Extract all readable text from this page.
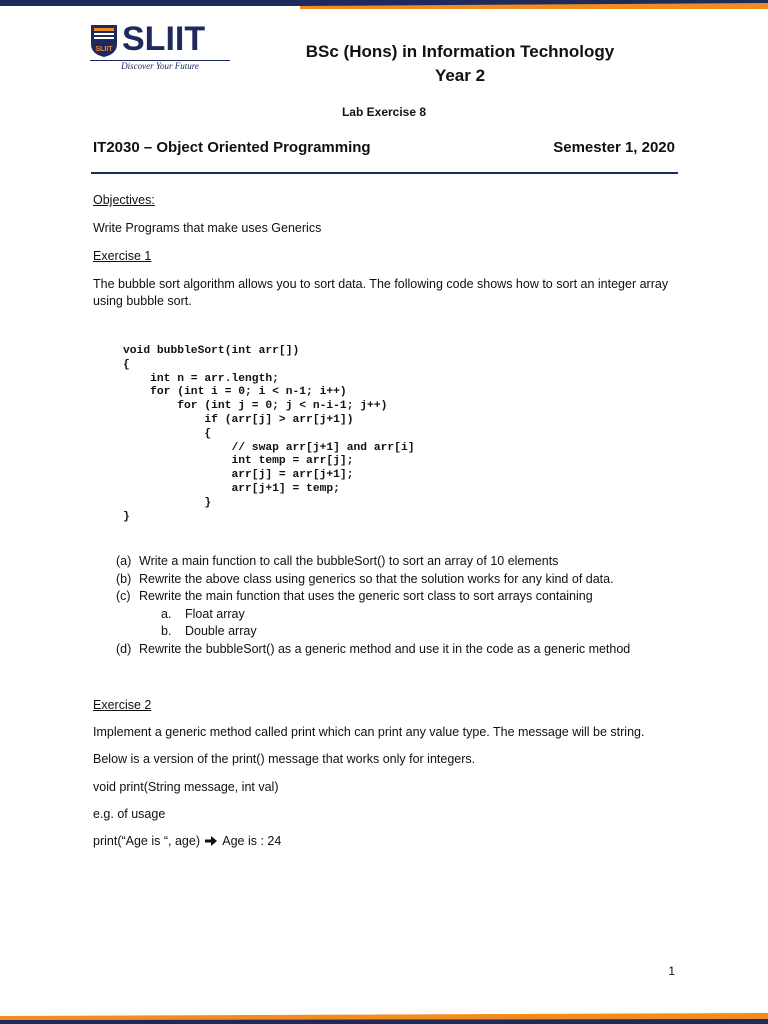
SLIIT SLIIT
Discover Your Future
BSc (Hons) in Information Technology
Year 2
Lab Exercise 8
IT2030 – Object Oriented Programming	Semester 1, 2020
Objectives:
Write Programs that make uses Generics
Exercise 1
The bubble sort algorithm allows you to sort data. The following code shows how to sort an integer array using bubble sort.
void bubbleSort(int arr[])
{
int n = arr.length;
for (int i = 0; i < n-1; i++)
for (int j = 0; j < n-i-1; j++)
if (arr[j] > arr[j+1])
{
// swap arr[j+1] and arr[i]
int temp = arr[j];
arr[j] = arr[j+1];
arr[j+1] = temp;
}
}
(a) Write a main function to call the bubbleSort() to sort an array of 10 elements
(b) Rewrite the above class using generics so that the solution works for any kind of data.
(c) Rewrite the main function that uses the generic sort class to sort arrays containing
a. Float array
b. Double array
(d) Rewrite the bubbleSort() as a generic method and use it in the code as a generic method
Exercise 2
Implement a generic method called print which can print any value type. The message will be string.
Below is a version of the print() message that works only for integers.
void print(String message, int val)
e.g. of usage
print(“Age is “, age) Age is : 24
1
